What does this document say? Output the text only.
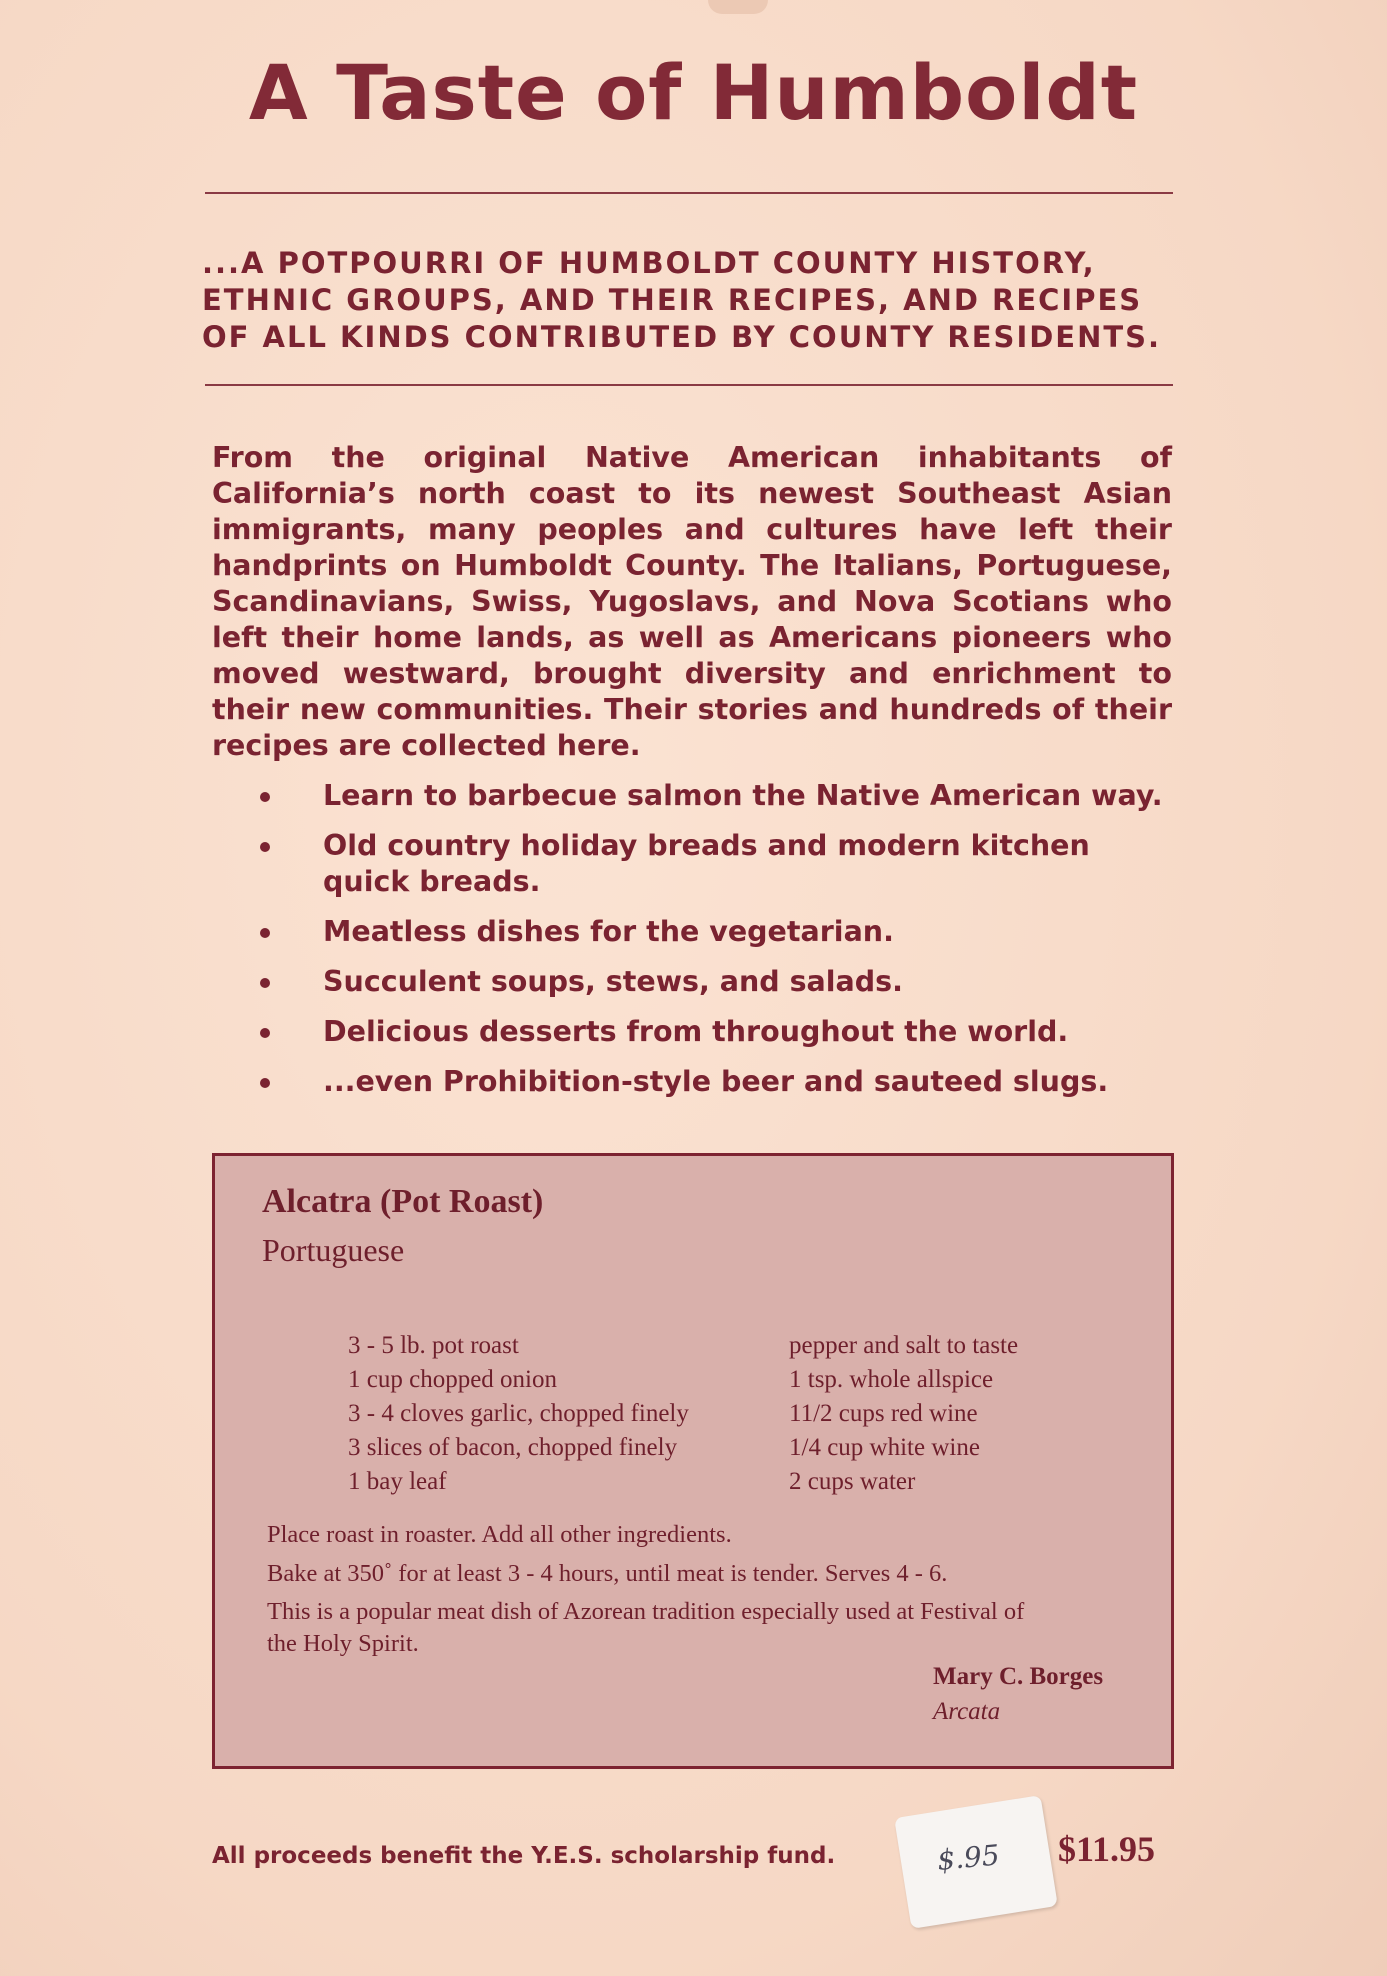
A Taste of Humboldt
...A POTPOURRI OF HUMBOLDT COUNTY HISTORY, ETHNIC GROUPS, AND THEIR RECIPES, AND RECIPES OF ALL KINDS CONTRIBUTED BY COUNTY RESIDENTS.
From the original Native American inhabitants of California’s north coast to its newest Southeast Asian immigrants, many peoples and cultures have left their handprints on Humboldt County. The Italians, Portuguese, Scandinavians, Swiss, Yugoslavs, and Nova Scotians who left their home lands, as well as Americans pioneers who moved westward, brought diversity and enrichment to their new communities. Their stories and hundreds of their recipes are collected here.
Learn to barbecue salmon the Native American way.
Old country holiday breads and modern kitchen quick breads.
Meatless dishes for the vegetarian.
Succulent soups, stews, and salads.
Delicious desserts from throughout the world.
...even Prohibition-style beer and sauteed slugs.
Alcatra (Pot Roast)
Portuguese
3 - 5 lb. pot roast
1 cup chopped onion
3 - 4 cloves garlic, chopped finely
3 slices of bacon, chopped finely
1 bay leaf
pepper and salt to taste
1 tsp. whole allspice
11/2 cups red wine
1/4 cup white wine
2 cups water
Place roast in roaster. Add all other ingredients.
Bake at 350˚ for at least 3 - 4 hours, until meat is tender. Serves 4 - 6.
This is a popular meat dish of Azorean tradition especially used at Festival of the Holy Spirit.
Mary C. Borges
Arcata
All proceeds benefit the Y.E.S. scholarship fund.	$.95 $11.95
